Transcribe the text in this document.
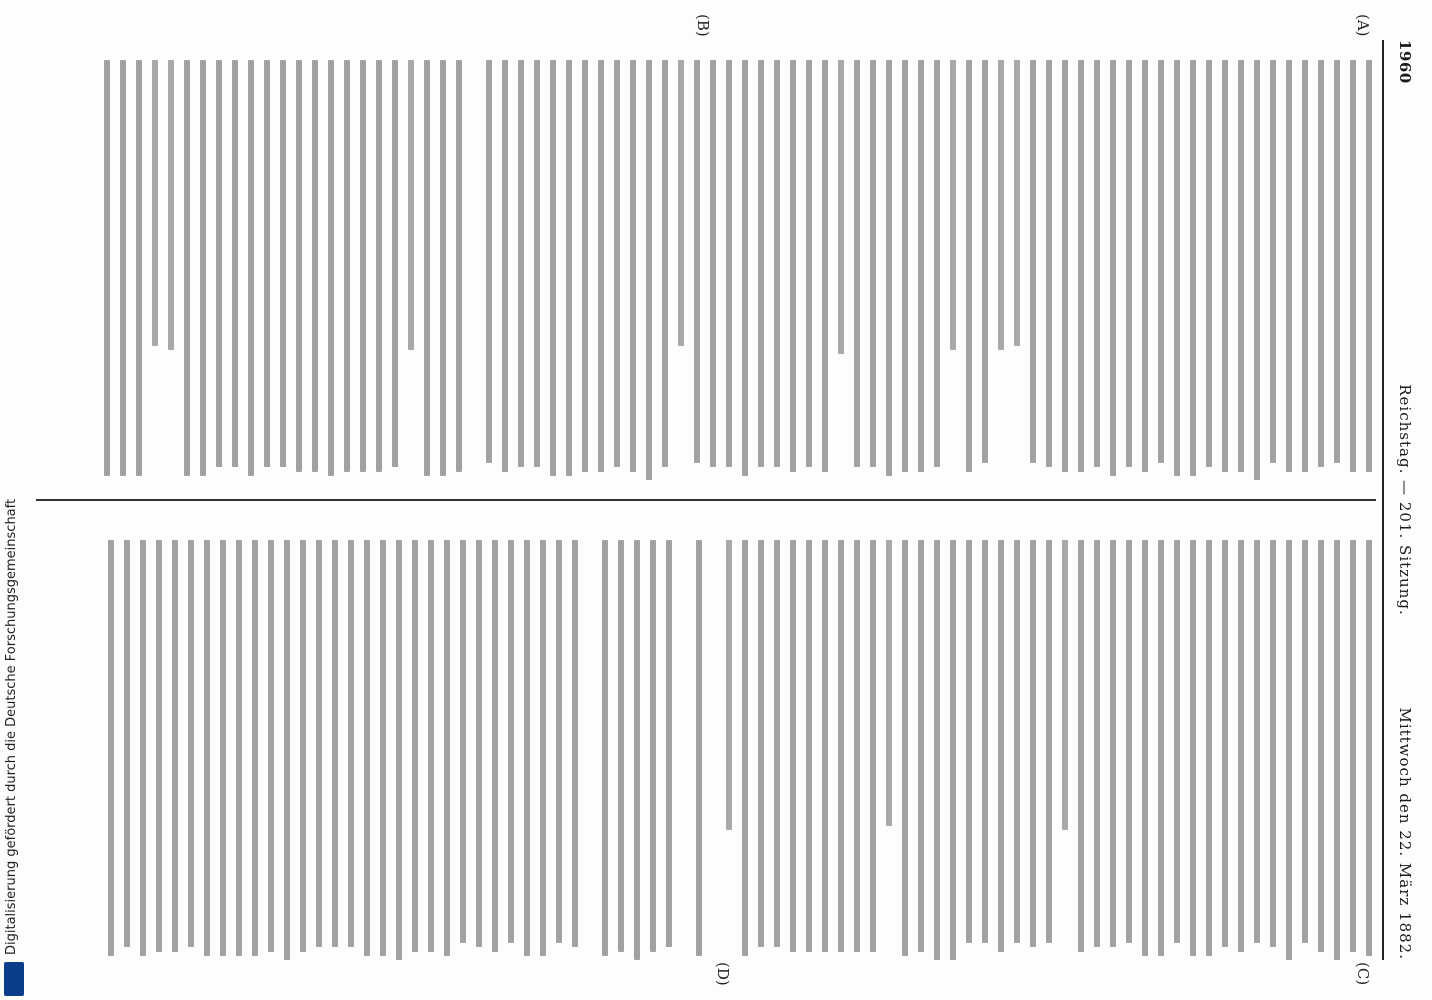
1960
Reichstag. — 201. Sitzung.
Mittwoch den 22. März 1882.
(A)
(B)
(C)
(D)
Digitalisierung gefördert durch die Deutsche Forschungsgemeinschaft
